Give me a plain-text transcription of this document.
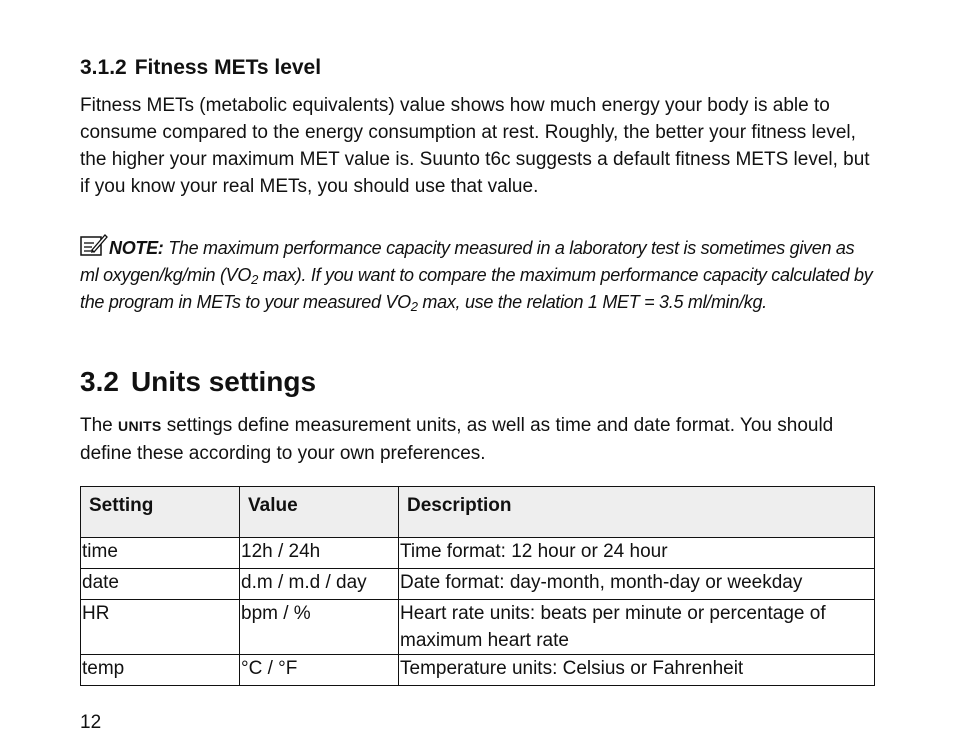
3.1.2 Fitness METs level

Fitness METs (metabolic equivalents) value shows how much energy your body is able to consume compared to the energy consumption at rest. Roughly, the better your fitness level, the higher your maximum MET value is. Suunto t6c suggests a default fitness METS level, but if you know your real METs, you should use that value.

NOTE: The maximum performance capacity measured in a laboratory test is sometimes given as ml oxygen/kg/min ($VO_2$ max). If you want to compare the maximum performance capacity calculated by the program in METs to your measured $VO_2$ max, use the relation 1 MET = 3.5 ml/min/kg.

3.2 Units settings

The UNITS settings define measurement units, as well as time and date format. You should define these according to your own preferences.

Setting	Value	Description
time	12h / 24h	Time format: 12 hour or 24 hour
date	d.m / m.d / day	Date format: day-month, month-day or weekday
HR	bpm / %	Heart rate units: beats per minute or percentage of maximum heart rate
temp	°C / °F	Temperature units: Celsius or Fahrenheit

12
